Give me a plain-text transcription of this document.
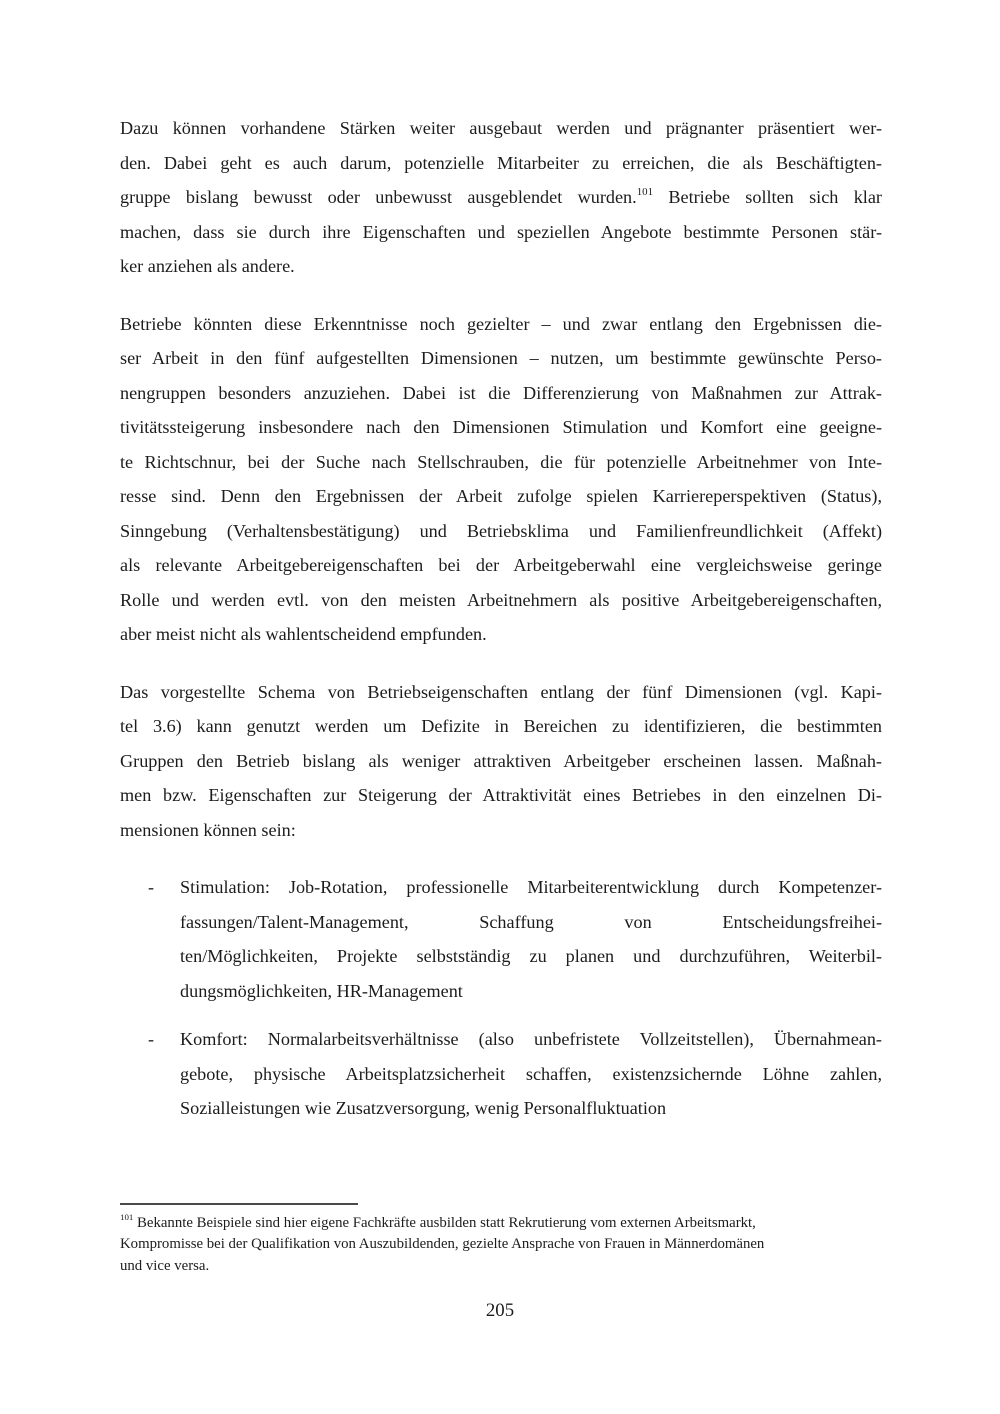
Dazu können vorhandene Stärken weiter ausgebaut werden und prägnanter präsentiert wer-
den. Dabei geht es auch darum, potenzielle Mitarbeiter zu erreichen, die als Beschäftigten-
gruppe bislang bewusst oder unbewusst ausgeblendet wurden.$^{101}$ Betriebe sollten sich klar
machen, dass sie durch ihre Eigenschaften und speziellen Angebote bestimmte Personen stär-
ker anziehen als andere.
Betriebe könnten diese Erkenntnisse noch gezielter – und zwar entlang den Ergebnissen die-
ser Arbeit in den fünf aufgestellten Dimensionen – nutzen, um bestimmte gewünschte Perso-
nengruppen besonders anzuziehen. Dabei ist die Differenzierung von Maßnahmen zur Attrak-
tivitätssteigerung insbesondere nach den Dimensionen Stimulation und Komfort eine geeigne-
te Richtschnur, bei der Suche nach Stellschrauben, die für potenzielle Arbeitnehmer von Inte-
resse sind. Denn den Ergebnissen der Arbeit zufolge spielen Karriereperspektiven (Status),
Sinngebung (Verhaltensbestätigung) und Betriebsklima und Familienfreundlichkeit (Affekt)
als relevante Arbeitgebereigenschaften bei der Arbeitgeberwahl eine vergleichsweise geringe
Rolle und werden evtl. von den meisten Arbeitnehmern als positive Arbeitgebereigenschaften,
aber meist nicht als wahlentscheidend empfunden.
Das vorgestellte Schema von Betriebseigenschaften entlang der fünf Dimensionen (vgl. Kapi-
tel 3.6) kann genutzt werden um Defizite in Bereichen zu identifizieren, die bestimmten
Gruppen den Betrieb bislang als weniger attraktiven Arbeitgeber erscheinen lassen. Maßnah-
men bzw. Eigenschaften zur Steigerung der Attraktivität eines Betriebes in den einzelnen Di-
mensionen können sein:
- Stimulation: Job-Rotation, professionelle Mitarbeiterentwicklung durch Kompetenzer-
fassungen/Talent-Management, Schaffung von Entscheidungsfreihei-
ten/Möglichkeiten, Projekte selbstständig zu planen und durchzuführen, Weiterbil-
dungsmöglichkeiten, HR-Management
- Komfort: Normalarbeitsverhältnisse (also unbefristete Vollzeitstellen), Übernahmean-
gebote, physische Arbeitsplatzsicherheit schaffen, existenzsichernde Löhne zahlen,
Sozialleistungen wie Zusatzversorgung, wenig Personalfluktuation
$^{101}$ Bekannte Beispiele sind hier eigene Fachkräfte ausbilden statt Rekrutierung vom externen Arbeitsmarkt,
Kompromisse bei der Qualifikation von Auszubildenden, gezielte Ansprache von Frauen in Männerdomänen
und vice versa.
205
